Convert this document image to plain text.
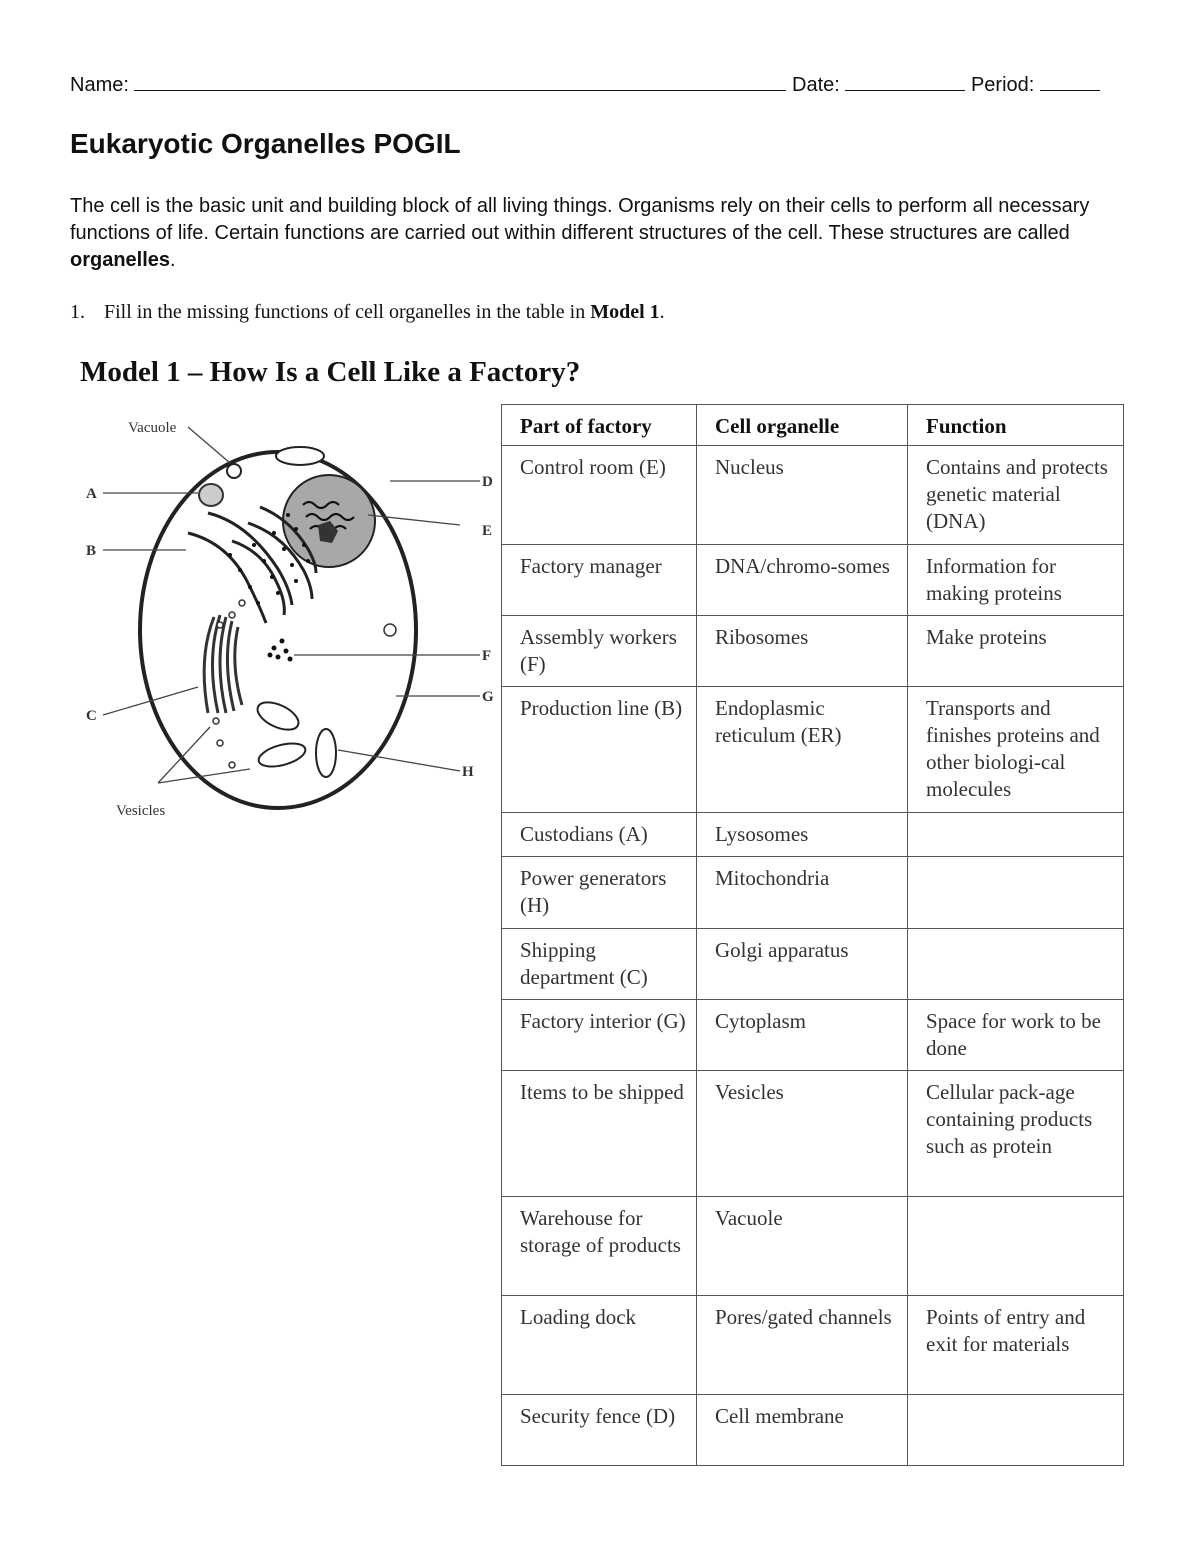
Name:	Date:	Period:
Eukaryotic Organelles POGIL

The cell is the basic unit and building block of all living things. Organisms rely on their cells to perform all necessary functions of life. Certain functions are carried out within different structures of the cell. These structures are called organelles.

1. Fill in the missing functions of cell organelles in the table in Model 1.

Model 1 – How Is a Cell Like a Factory?
Vacuole
Vesicles
A
B
C
D
E
F
G
H
Part of factory	Cell organelle	Function
Control room (E)	Nucleus	Contains and protects genetic material (DNA)
Factory manager	DNA/chromo-somes	Information for making proteins
Assembly workers (F)	Ribosomes	Make proteins
Production line (B)	Endoplasmic reticulum (ER)	Transports and finishes proteins and other biologi-cal molecules
Custodians (A)	Lysosomes	
Power generators (H)	Mitochondria	
Shipping department (C)	Golgi apparatus	
Factory interior (G)	Cytoplasm	Space for work to be done
Items to be shipped	Vesicles	Cellular pack-age containing products such as protein
Warehouse for storage of products	Vacuole	
Loading dock	Pores/gated channels	Points of entry and exit for materials
Security fence (D)	Cell membrane	
